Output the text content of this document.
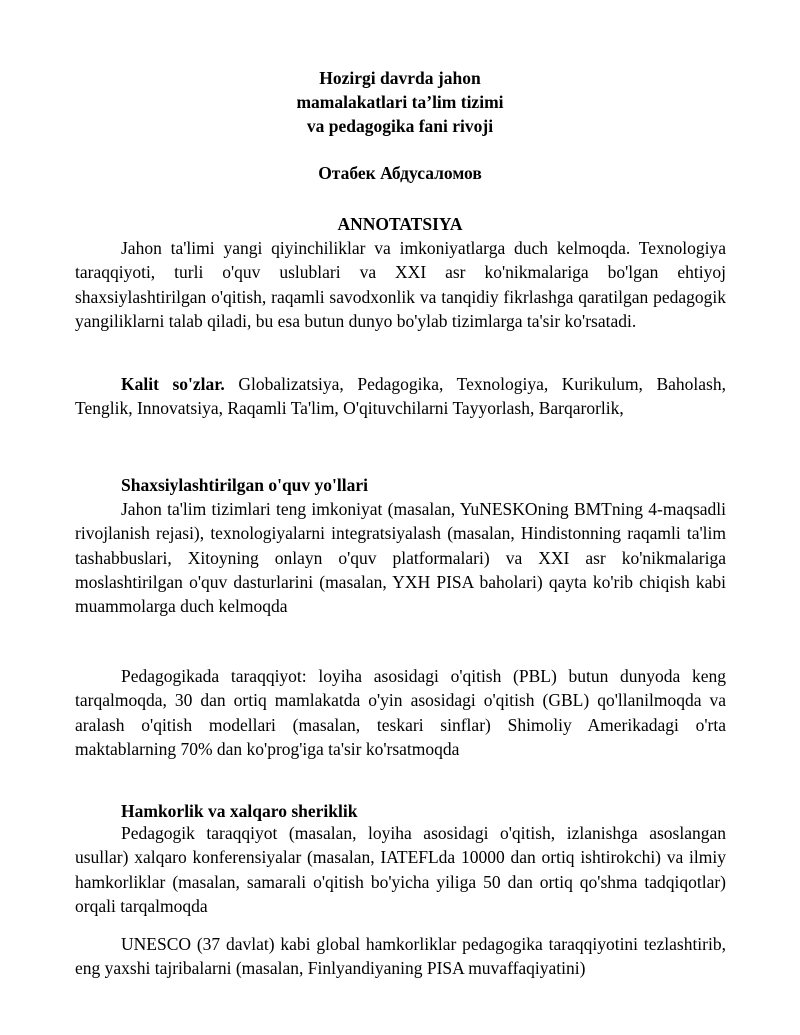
Hozirgi davrda jahon
mamalakatlari ta’lim tizimi
va pedagogika fani rivoji
Отабек Абдусаломов
ANNOTATSIYA

Jahon ta'limi yangi qiyinchiliklar va imkoniyatlarga duch kelmoqda. Texnologiya taraqqiyoti, turli o'quv uslublari va XXI asr ko'nikmalariga bo'lgan ehtiyoj shaxsiylashtirilgan o'qitish, raqamli savodxonlik va tanqidiy fikrlashga qaratilgan pedagogik yangiliklarni talab qiladi, bu esa butun dunyo bo'ylab tizimlarga ta'sir ko'rsatadi.

Kalit so'zlar. Globalizatsiya, Pedagogika, Texnologiya, Kurikulum, Baholash, Tenglik, Innovatsiya, Raqamli Ta'lim, O'qituvchilarni Tayyorlash, Barqarorlik,

Shaxsiylashtirilgan o'quv yo'llari

Jahon ta'lim tizimlari teng imkoniyat (masalan, YuNESKOning BMTning 4-maqsadli rivojlanish rejasi), texnologiyalarni integratsiyalash (masalan, Hindistonning raqamli ta'lim tashabbuslari, Xitoyning onlayn o'quv platformalari) va XXI asr ko'nikmalariga moslashtirilgan o'quv dasturlarini (masalan, YXH PISA baholari) qayta ko'rib chiqish kabi muammolarga duch kelmoqda

Pedagogikada taraqqiyot: loyiha asosidagi o'qitish (PBL) butun dunyoda keng tarqalmoqda, 30 dan ortiq mamlakatda o'yin asosidagi o'qitish (GBL) qo'llanilmoqda va aralash o'qitish modellari (masalan, teskari sinflar) Shimoliy Amerikadagi o'rta maktablarning 70% dan ko'prog'iga ta'sir ko'rsatmoqda

Hamkorlik va xalqaro sheriklik

Pedagogik taraqqiyot (masalan, loyiha asosidagi o'qitish, izlanishga asoslangan usullar) xalqaro konferensiyalar (masalan, IATEFLda 10000 dan ortiq ishtirokchi) va ilmiy hamkorliklar (masalan, samarali o'qitish bo'yicha yiliga 50 dan ortiq qo'shma tadqiqotlar) orqali tarqalmoqda

UNESCO (37 davlat) kabi global hamkorliklar pedagogika taraqqiyotini tezlashtirib, eng yaxshi tajribalarni (masalan, Finlyandiyaning PISA muvaffaqiyatini)
